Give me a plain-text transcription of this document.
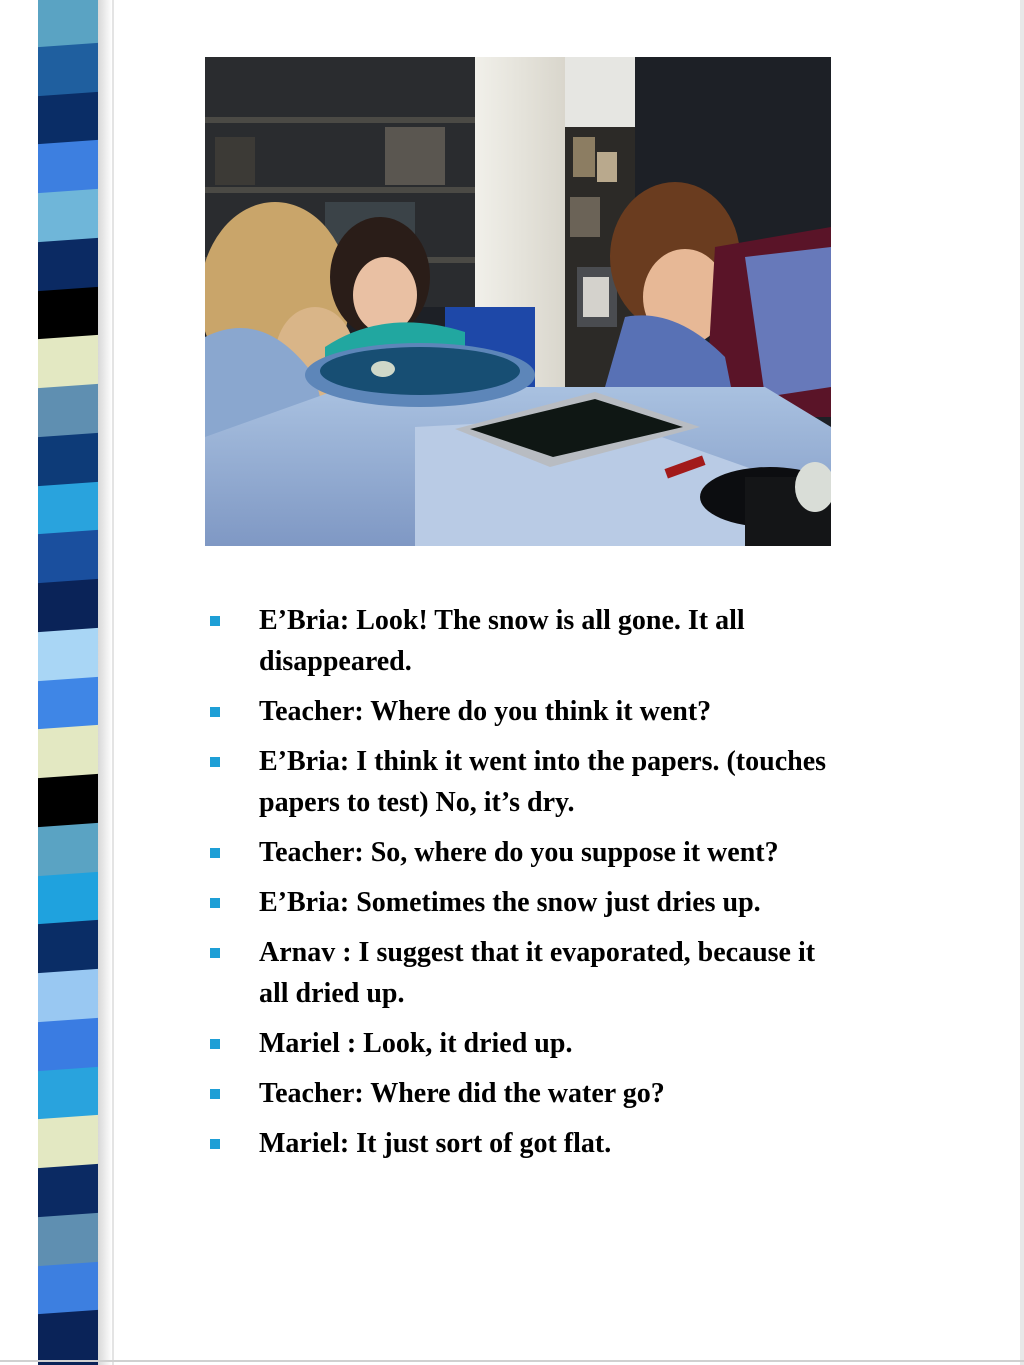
E’Bria: Look! The snow is all gone. It all disappeared.
Teacher: Where do you think it went?
E’Bria: I think it went into the papers. (touches papers to test) No, it’s dry.
Teacher: So, where do you suppose it went?
E’Bria: Sometimes the snow just dries up.
Arnav : I suggest that it evaporated, because it all dried up.
Mariel : Look, it dried up.
Teacher: Where did the water go?
Mariel: It just sort of got flat.
